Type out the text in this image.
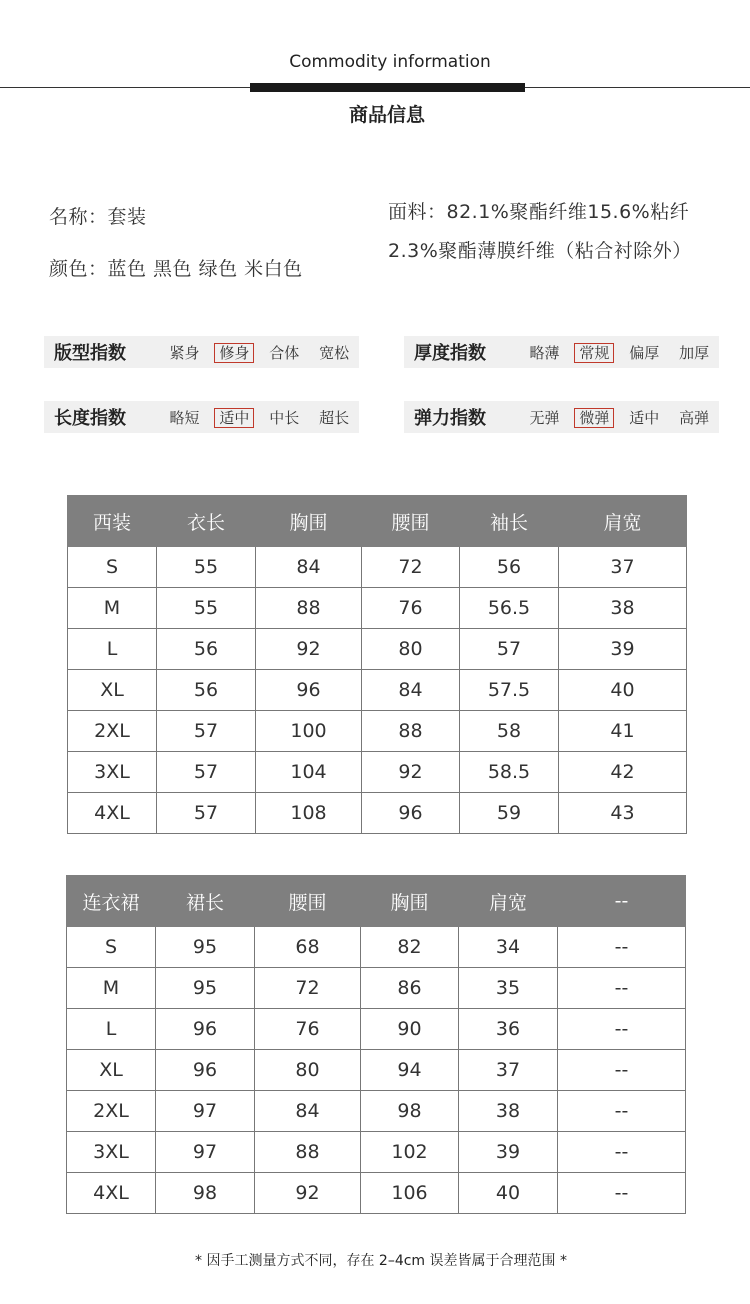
Commodity information
商品信息
名称：套装
颜色：蓝色 黑色 绿色 米白色
面料：82.1%聚酯纤维15.6%粘纤
2.3%聚酯薄膜纤维（粘合衬除外）
版型指数	紧身	修身	合体	宽松	厚度指数	略薄	常规	偏厚	加厚
长度指数	略短	适中	中长	超长	弹力指数	无弹	微弹	适中	高弹
西装	衣长	胸围	腰围	袖长	肩宽
S	55	84	72	56	37
M	55	88	76	56.5	38
L	56	92	80	57	39
XL	56	96	84	57.5	40
2XL	57	100	88	58	41
3XL	57	104	92	58.5	42
4XL	57	108	96	59	43
连衣裙	裙长	腰围	胸围	肩宽	--
S	95	68	82	34	--
M	95	72	86	35	--
L	96	76	90	36	--
XL	96	80	94	37	--
2XL	97	84	98	38	--
3XL	97	88	102	39	--
4XL	98	92	106	40	--
* 因手工测量方式不同，存在 2–4cm 误差皆属于合理范围 *
